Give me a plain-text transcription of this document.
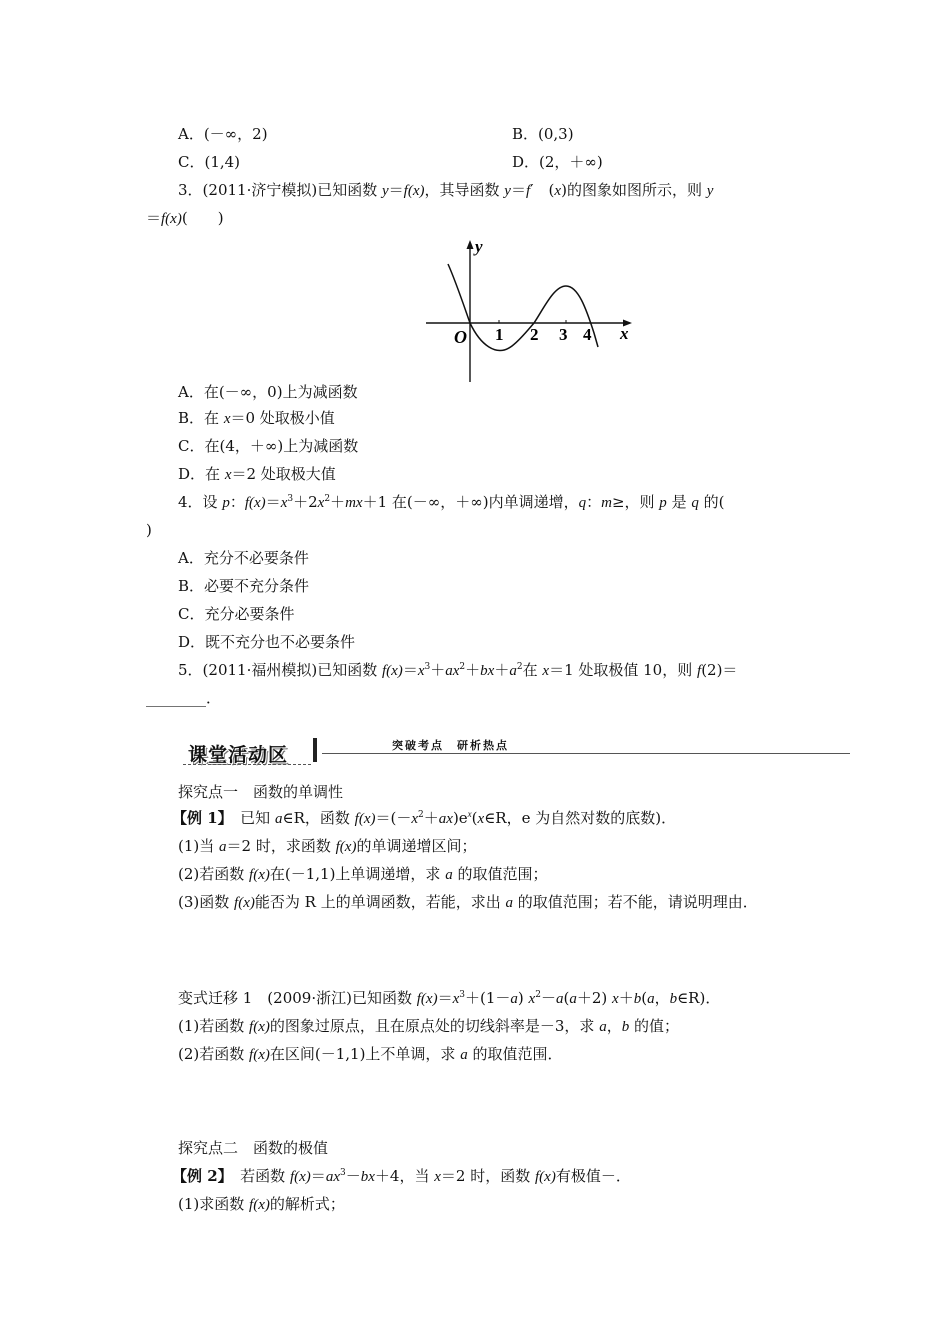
A．(－∞，2)	B．(0,3)
C．(1,4)	D．(2，＋∞)
3．(2011·济宁模拟)已知函数 y＝f(x)，其导函数 y＝f′　(x)的图象如图所示，则 y
＝f(x)(　　)
y
x
O 1 2 3 4
A．在(－∞，0)上为减函数
B．在 x＝0 处取极小值
C．在(4，＋∞)上为减函数
D．在 x＝2 处取极大值
4．设 p：$f(x)=x^3+2x^2+mx+1$ 在(－∞，＋∞)内单调递增，q：m≥，则 p 是 q 的(
)
A．充分不必要条件
B．必要不充分条件
C．充分必要条件
D．既不充分也不必要条件
5．(2011·福州模拟)已知函数 $f(x)=x^3+ax^2+bx+a^2$在 x＝1 处取极值 10，则 f(2)＝
________．
课堂活动区	突破考点　研析热点
探究点一　函数的单调性
【例 1】　已知 a∈R，函数 $f(x)=(-x^2+ax)e^x(x\in R$，e 为自然对数的底数)．
(1)当 a＝2 时，求函数 f(x)的单调递增区间；
(2)若函数 f(x)在(－1,1)上单调递增，求 a 的取值范围；
(3)函数 f(x)能否为 R 上的单调函数，若能，求出 a 的取值范围；若不能，请说明理由．
变式迁移 1　(2009·浙江)已知函数 $f(x)=x^3+(1-a)$ $x^2-a(a+2)$ x＋b(a，b∈R)．
(1)若函数 f(x)的图象过原点，且在原点处的切线斜率是－3，求 a，b 的值；
(2)若函数 f(x)在区间(－1,1)上不单调，求 a 的取值范围．
探究点二　函数的极值
【例 2】　若函数 $f(x)=ax^3-bx+4$，当 x＝2 时，函数 f(x)有极值－．
(1)求函数 f(x)的解析式；
